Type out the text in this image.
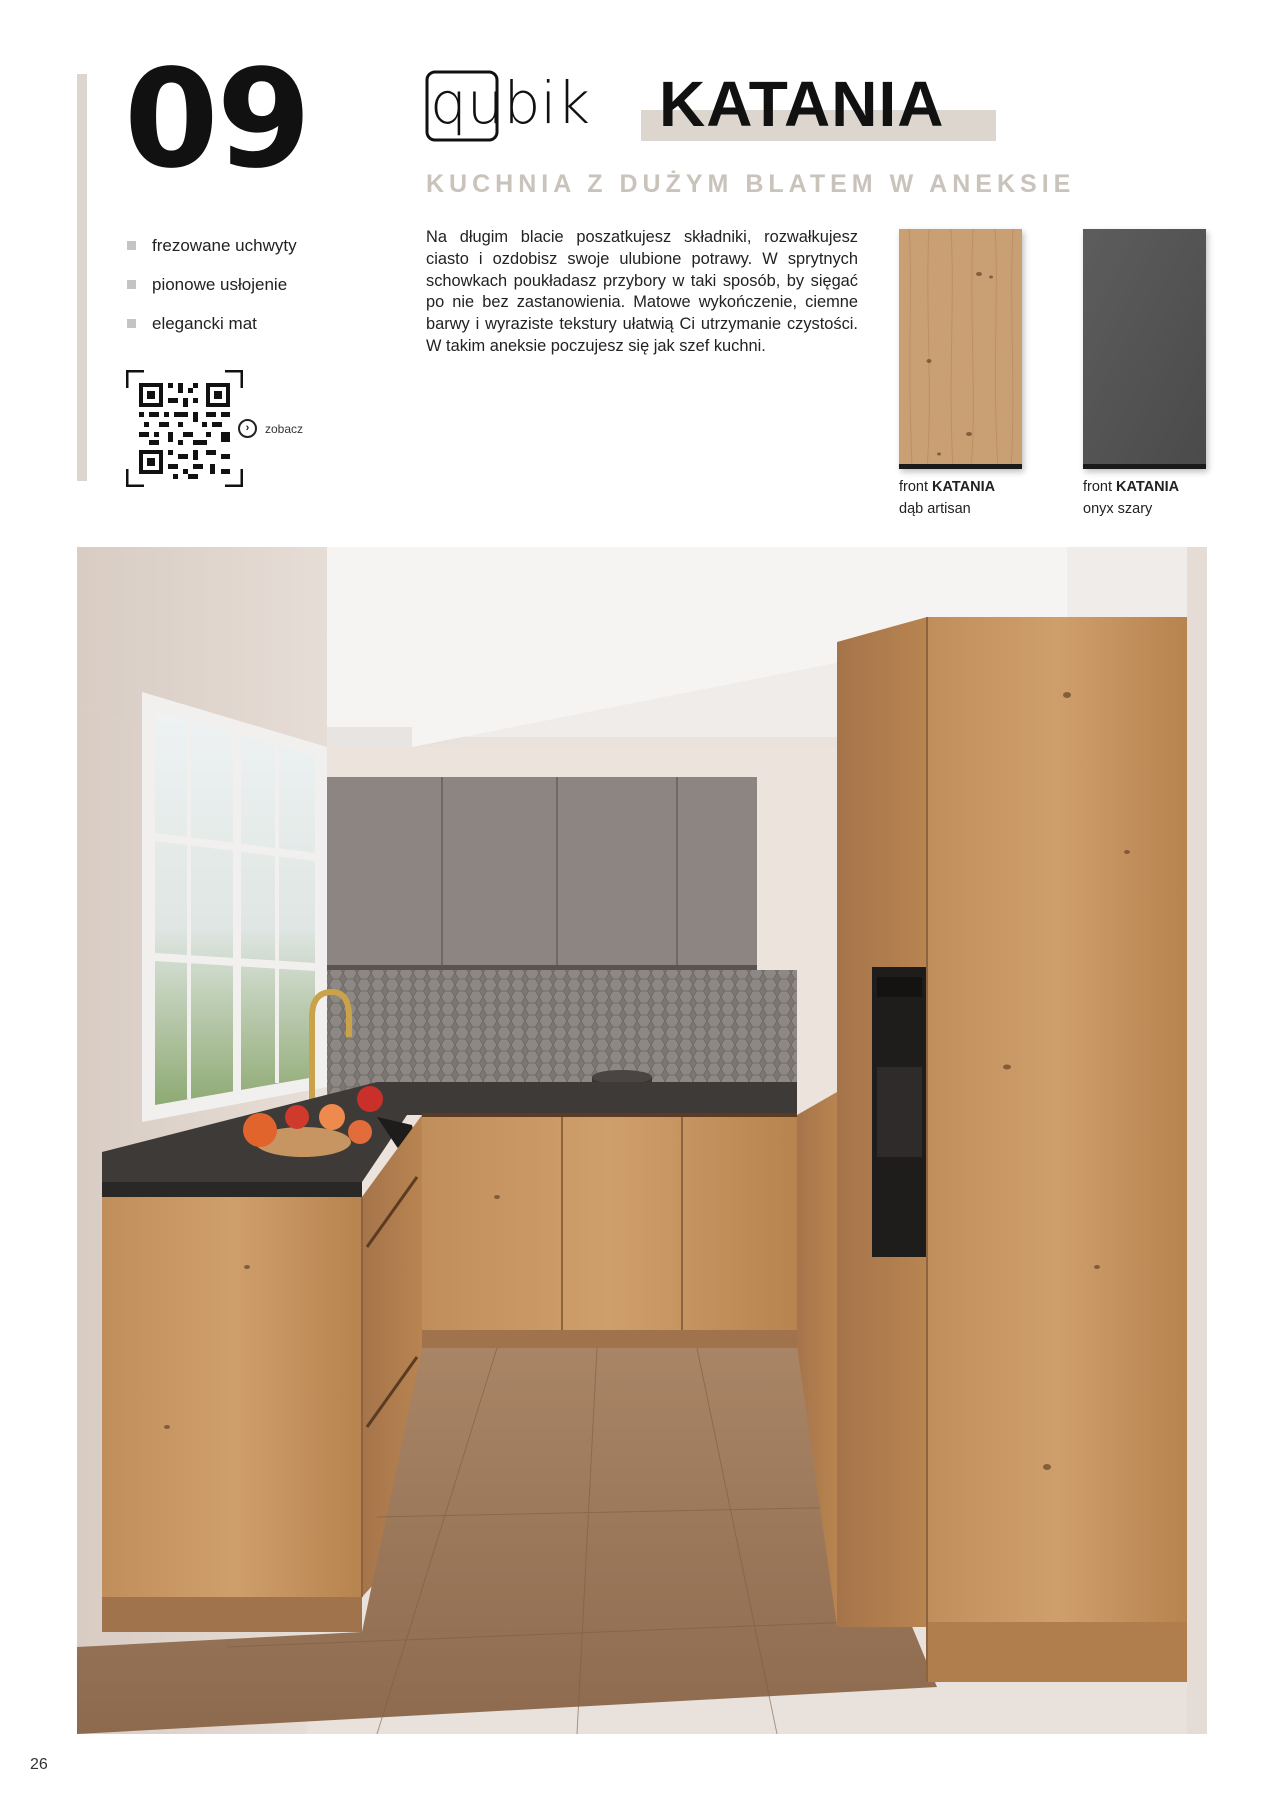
09
frezowane uchwyty
pionowe usłojenie
elegancki mat
›	zobacz
qubik KATANIA
KUCHNIA Z DUŻYM BLATEM W ANEKSIE

Na długim blacie poszatkujesz składniki, rozwałkujesz ciasto i ozdobisz swoje ulubione potrawy. W sprytnych schowkach poukładasz przybory w taki sposób, by sięgać po nie bez zastanowienia. Matowe wykończenie, ciemne barwy i wyraziste tekstury ułatwią Ci utrzymanie czystości. W takim aneksie poczujesz się jak szef kuchni.

front KATANIA
dąb artisan
front KATANIA
onyx szary
26
